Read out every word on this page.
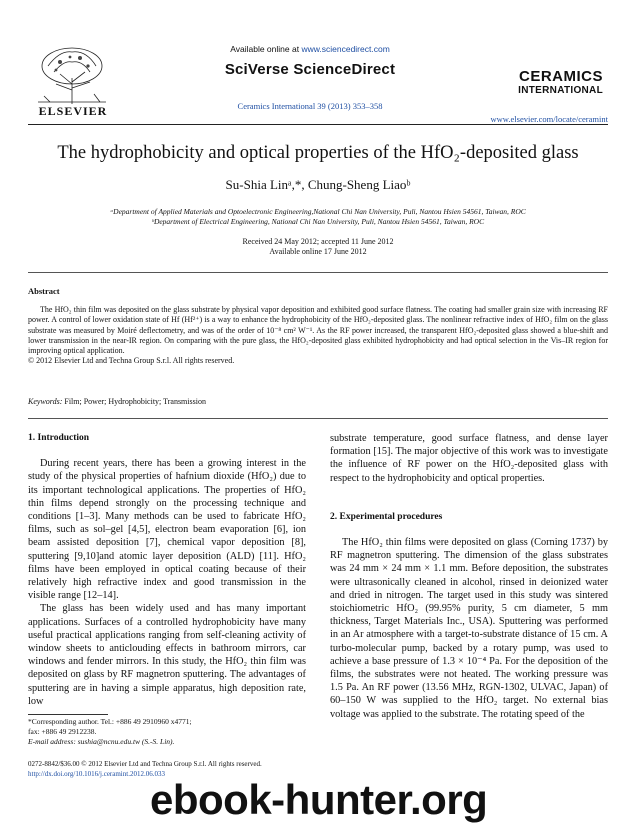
ELSEVIER
Available online at www.sciencedirect.com
SciVerse ScienceDirect
Ceramics International 39 (2013) 353–358
CERAMICS
INTERNATIONAL
www.elsevier.com/locate/ceramint
The hydrophobicity and optical properties of the HfO₂-deposited glass
Su-Shia Linᵃ,*, Chung-Sheng Liaoᵇ
ᵃDepartment of Applied Materials and Optoelectronic Engineering,National Chi Nan University, Puli, Nantou Hsien 54561, Taiwan, ROC
ᵇDepartment of Electrical Engineering, National Chi Nan University, Puli, Nantou Hsien 54561, Taiwan, ROC
Received 24 May 2012; accepted 11 June 2012
Available online 17 June 2012
Abstract

The HfO₂ thin film was deposited on the glass substrate by physical vapor deposition and exhibited good surface flatness. The coating had smaller grain size with increasing RF power. A control of lower oxidation state of Hf (Hf²⁺) is a way to enhance the hydrophobicity of the HfO₂-deposited glass. The nonlinear refractive index of HfO₂ film on the glass substrate was measured by Moiré deflectometry, and was of the order of 10⁻⁸ cm² W⁻¹. As the RF power increased, the transparent HfO₂-deposited glass showed a blue-shift and lower transmission in the near-IR region. On comparing with the pure glass, the HfO₂-deposited glass exhibited hydrophobicity and had optical selection in the Vis–IR region for improving optical application.

© 2012 Elsevier Ltd and Techna Group S.r.l. All rights reserved.
Keywords: Film; Power; Hydrophobicity; Transmission
1. Introduction

During recent years, there has been a growing interest in the study of the physical properties of hafnium dioxide (HfO₂) due to its important technological applications. The properties of HfO₂ thin films depend strongly on the processing technique and conditions [1–3]. Many methods can be used to fabricate HfO₂ films, such as sol–gel [4,5], electron beam evaporation [6], ion beam assisted deposition [7], chemical vapor deposition [8], sputtering [9,10]and atomic layer deposition (ALD) [11]. HfO₂ films have been employed in optical coating because of their relatively high refractive index and good transmission in the visible range [12–14].

The glass has been widely used and has many important applications. Surfaces of a controlled hydrophobicity have many useful practical applications ranging from self-cleaning activity of window sheets to anticlouding effects in bathroom mirrors, car windows and fender mirrors. In this study, the HfO₂ thin film was deposited on glass by RF magnetron sputtering. The advantages of sputtering are in having a simple apparatus, high deposition rate, low

*Corresponding author. Tel.: +886 49 2910960 x4771;
fax: +886 49 2912238.
E-mail address: sushia@ncnu.edu.tw (S.-S. Lin).

substrate temperature, good surface flatness, and dense layer formation [15]. The major objective of this work was to investigate the influence of RF power on the HfO₂-deposited glass with respect to the hydrophobicity and optical properties.

2. Experimental procedures

The HfO₂ thin films were deposited on glass (Corning 1737) by RF magnetron sputtering. The dimension of the glass substrates was 24 mm × 24 mm × 1.1 mm. Before deposition, the substrates were ultrasonically cleaned in alcohol, rinsed in deionized water and dried in nitrogen. The target used in this study was sintered stoichiometric HfO₂ (99.95% purity, 5 cm diameter, 5 mm thickness, Target Materials Inc., USA). Sputtering was performed in an Ar atmosphere with a target-to-substrate distance of 15 cm. A turbo-molecular pump, backed by a rotary pump, was used to achieve a base pressure of 1.3 × 10⁻⁴ Pa. For the deposition of the films, the substrates were not heated. The working pressure was 1.5 Pa. An RF power (13.56 MHz, RGN-1302, ULVAC, Japan) of 60–150 W was supplied to the HfO₂ target. No external bias voltage was applied to the substrate. The rotating speed of the

0272-8842/$36.00 © 2012 Elsevier Ltd and Techna Group S.r.l. All rights reserved.
http://dx.doi.org/10.1016/j.ceramint.2012.06.033
ebook-hunter.org
